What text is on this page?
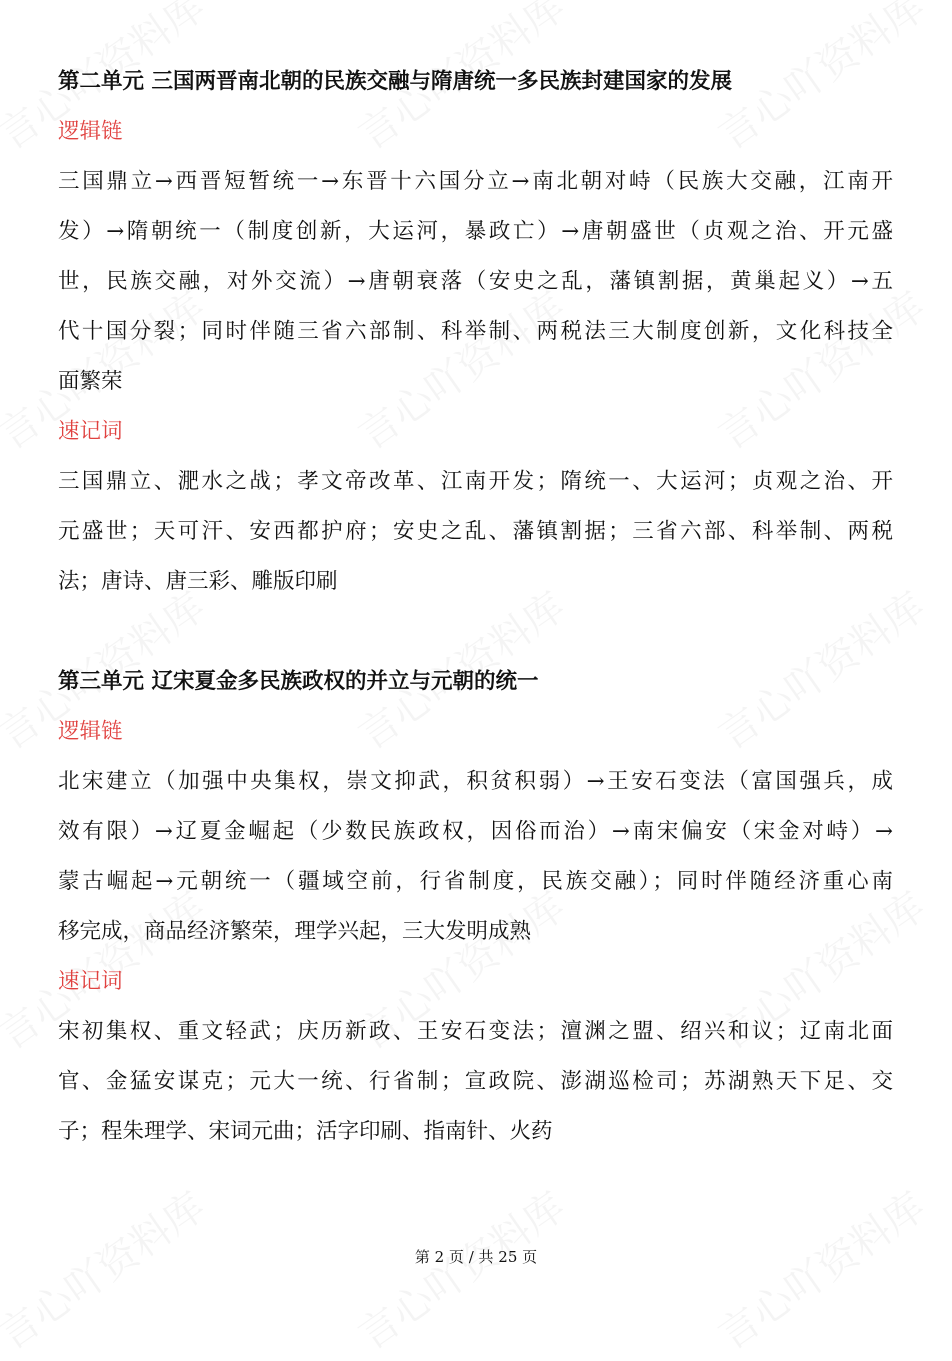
第二单元 三国两晋南北朝的民族交融与隋唐统一多民族封建国家的发展
逻辑链
三国鼎立→西晋短暂统一→东晋十六国分立→南北朝对峙（民族大交融，江南开
发）→隋朝统一（制度创新，大运河，暴政亡）→唐朝盛世（贞观之治、开元盛
世，民族交融，对外交流）→唐朝衰落（安史之乱，藩镇割据，黄巢起义）→五
代十国分裂；同时伴随三省六部制、科举制、两税法三大制度创新，文化科技全
面繁荣
速记词
三国鼎立、淝水之战；孝文帝改革、江南开发；隋统一、大运河；贞观之治、开
元盛世；天可汗、安西都护府；安史之乱、藩镇割据；三省六部、科举制、两税
法；唐诗、唐三彩、雕版印刷
第三单元 辽宋夏金多民族政权的并立与元朝的统一
逻辑链
北宋建立（加强中央集权，崇文抑武，积贫积弱）→王安石变法（富国强兵，成
效有限）→辽夏金崛起（少数民族政权，因俗而治）→南宋偏安（宋金对峙）→
蒙古崛起→元朝统一（疆域空前，行省制度，民族交融）；同时伴随经济重心南
移完成，商品经济繁荣，理学兴起，三大发明成熟
速记词
宋初集权、重文轻武；庆历新政、王安石变法；澶渊之盟、绍兴和议；辽南北面
官、金猛安谋克；元大一统、行省制；宣政院、澎湖巡检司；苏湖熟天下足、交
子；程朱理学、宋词元曲；活字印刷、指南针、火药
第 2 页 / 共 25 页
